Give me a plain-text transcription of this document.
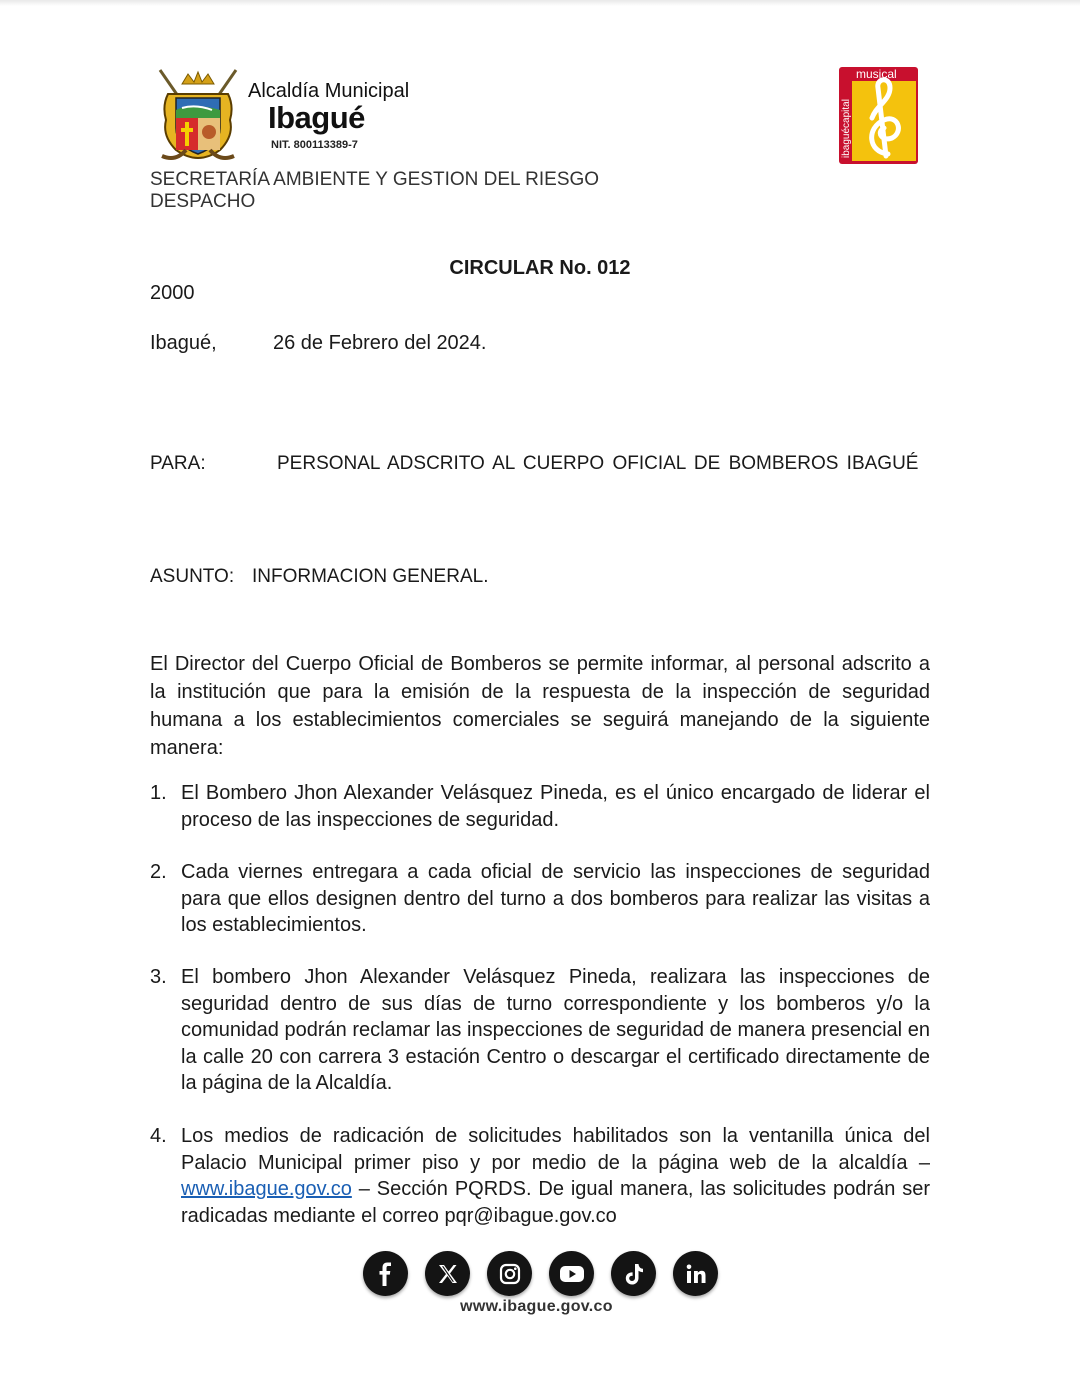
Alcaldía Municipal
Ibagué
NIT. 800113389-7
musical
ibaguécapital
SECRETARÍA AMBIENTE Y GESTION DEL RIESGO
DESPACHO
CIRCULAR No. 012
2000
Ibagué,	26 de Febrero del 2024.
PARA:	PERSONAL ADSCRITO AL CUERPO OFICIAL DE BOMBEROS IBAGUÉ
ASUNTO: INFORMACION GENERAL.
El Director del Cuerpo Oficial de Bomberos se permite informar, al personal adscrito a la institución que para la emisión de la respuesta de la inspección de seguridad humana a los establecimientos comerciales se seguirá manejando de la siguiente manera:
1. El Bombero Jhon Alexander Velásquez Pineda, es el único encargado de liderar el proceso de las inspecciones de seguridad.
2. Cada viernes entregara a cada oficial de servicio las inspecciones de seguridad para que ellos designen dentro del turno a dos bomberos para realizar las visitas a los establecimientos.
3. El bombero Jhon Alexander Velásquez Pineda, realizara las inspecciones de seguridad dentro de sus días de turno correspondiente y los bomberos y/o la comunidad podrán reclamar las inspecciones de seguridad de manera presencial en la calle 20 con carrera 3 estación Centro o descargar el certificado directamente de la página de la Alcaldía.
4. Los medios de radicación de solicitudes habilitados son la ventanilla única del Palacio Municipal primer piso y por medio de la página web de la alcaldía – www.ibague.gov.co – Sección PQRDS. De igual manera, las solicitudes podrán ser radicadas mediante el correo pqr@ibague.gov.co
www.ibague.gov.co
